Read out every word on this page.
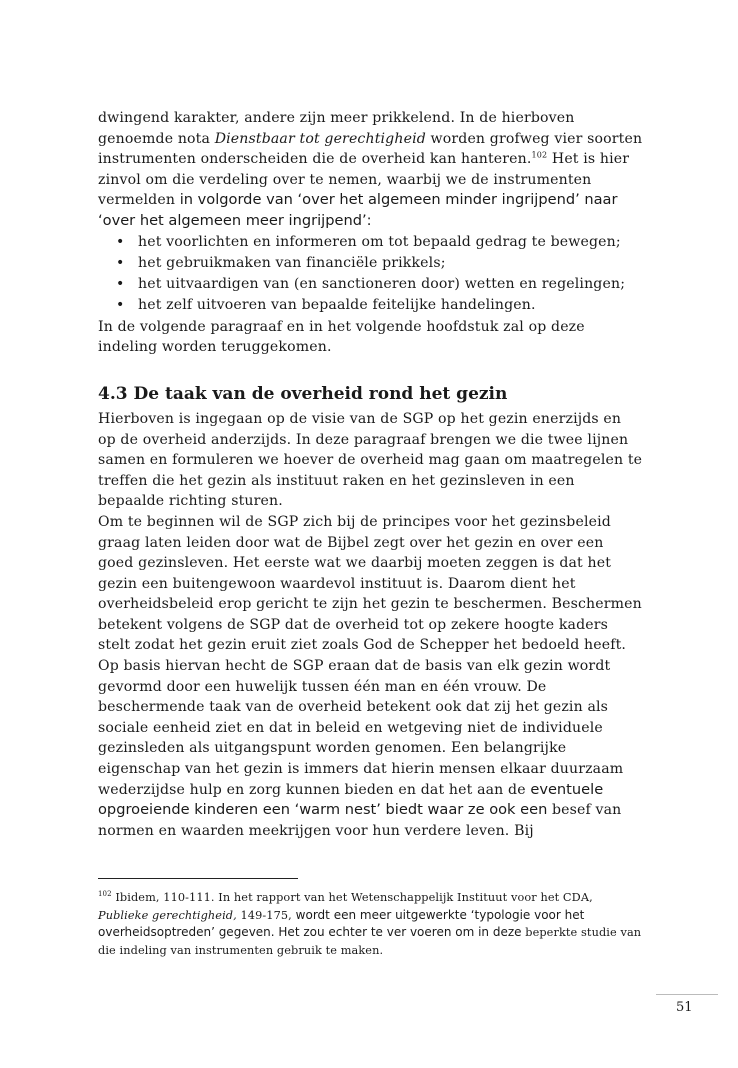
dwingend karakter, andere zijn meer prikkelend. In de hierboven genoemde nota Dienstbaar tot gerechtigheid worden grofweg vier soorten instrumenten onderscheiden die de overheid kan hanteren.$^{102}$ Het is hier zinvol om die verdeling over te nemen, waarbij we de instrumenten vermelden in volgorde van ‘over het algemeen minder ingrijpend’ naar ‘over het algemeen meer ingrijpend’:

• het voorlichten en informeren om tot bepaald gedrag te bewegen;
• het gebruikmaken van financiële prikkels;
• het uitvaardigen van (en sanctioneren door) wetten en regelingen;
• het zelf uitvoeren van bepaalde feitelijke handelingen.

In de volgende paragraaf en in het volgende hoofdstuk zal op deze indeling worden teruggekomen.

4.3 De taak van de overheid rond het gezin

Hierboven is ingegaan op de visie van de SGP op het gezin enerzijds en op de overheid anderzijds. In deze paragraaf brengen we die twee lijnen samen en formuleren we hoever de overheid mag gaan om maatregelen te treffen die het gezin als instituut raken en het gezinsleven in een bepaalde richting sturen.

Om te beginnen wil de SGP zich bij de principes voor het gezinsbeleid graag laten leiden door wat de Bijbel zegt over het gezin en over een goed gezinsleven. Het eerste wat we daarbij moeten zeggen is dat het gezin een buitengewoon waardevol instituut is. Daarom dient het overheidsbeleid erop gericht te zijn het gezin te beschermen. Beschermen betekent volgens de SGP dat de overheid tot op zekere hoogte kaders stelt zodat het gezin eruit ziet zoals God de Schepper het bedoeld heeft. Op basis hiervan hecht de SGP eraan dat de basis van elk gezin wordt gevormd door een huwelijk tussen één man en één vrouw. De beschermende taak van de overheid betekent ook dat zij het gezin als sociale eenheid ziet en dat in beleid en wetgeving niet de individuele gezinsleden als uitgangspunt worden genomen. Een belangrijke eigenschap van het gezin is immers dat hierin mensen elkaar duurzaam wederzijdse hulp en zorg kunnen bieden en dat het aan de eventuele opgroeiende kinderen een ‘warm nest’ biedt waar ze ook een besef van normen en waarden meekrijgen voor hun verdere leven. Bij

$^{102}$ Ibidem, 110-111. In het rapport van het Wetenschappelijk Instituut voor het CDA, Publieke gerechtigheid, 149-175, wordt een meer uitgewerkte ‘typologie voor het overheidsoptreden’ gegeven. Het zou echter te ver voeren om in deze beperkte studie van die indeling van instrumenten gebruik te maken.
51
